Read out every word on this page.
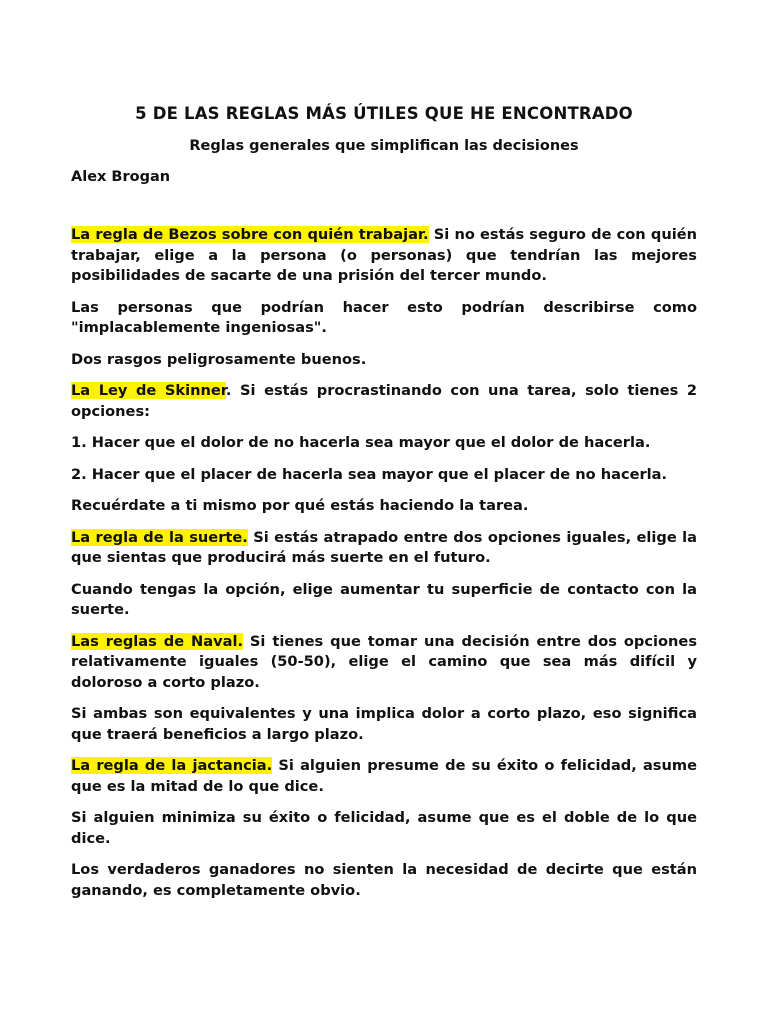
5 DE LAS REGLAS MÁS ÚTILES QUE HE ENCONTRADO
Reglas generales que simplifican las decisiones
Alex Brogan

La regla de Bezos sobre con quién trabajar. Si no estás seguro de con quién trabajar, elige a la persona (o personas) que tendrían las mejores posibilidades de sacarte de una prisión del tercer mundo.

Las personas que podrían hacer esto podrían describirse como "implacablemente ingeniosas".

Dos rasgos peligrosamente buenos.

La Ley de Skinner. Si estás procrastinando con una tarea, solo tienes 2 opciones:

1. Hacer que el dolor de no hacerla sea mayor que el dolor de hacerla.

2. Hacer que el placer de hacerla sea mayor que el placer de no hacerla.

Recuérdate a ti mismo por qué estás haciendo la tarea.

La regla de la suerte. Si estás atrapado entre dos opciones iguales, elige la que sientas que producirá más suerte en el futuro.

Cuando tengas la opción, elige aumentar tu superficie de contacto con la suerte.

Las reglas de Naval. Si tienes que tomar una decisión entre dos opciones relativamente iguales (50-50), elige el camino que sea más difícil y doloroso a corto plazo.

Si ambas son equivalentes y una implica dolor a corto plazo, eso significa que traerá beneficios a largo plazo.

La regla de la jactancia. Si alguien presume de su éxito o felicidad, asume que es la mitad de lo que dice.

Si alguien minimiza su éxito o felicidad, asume que es el doble de lo que dice.

Los verdaderos ganadores no sienten la necesidad de decirte que están ganando, es completamente obvio.
